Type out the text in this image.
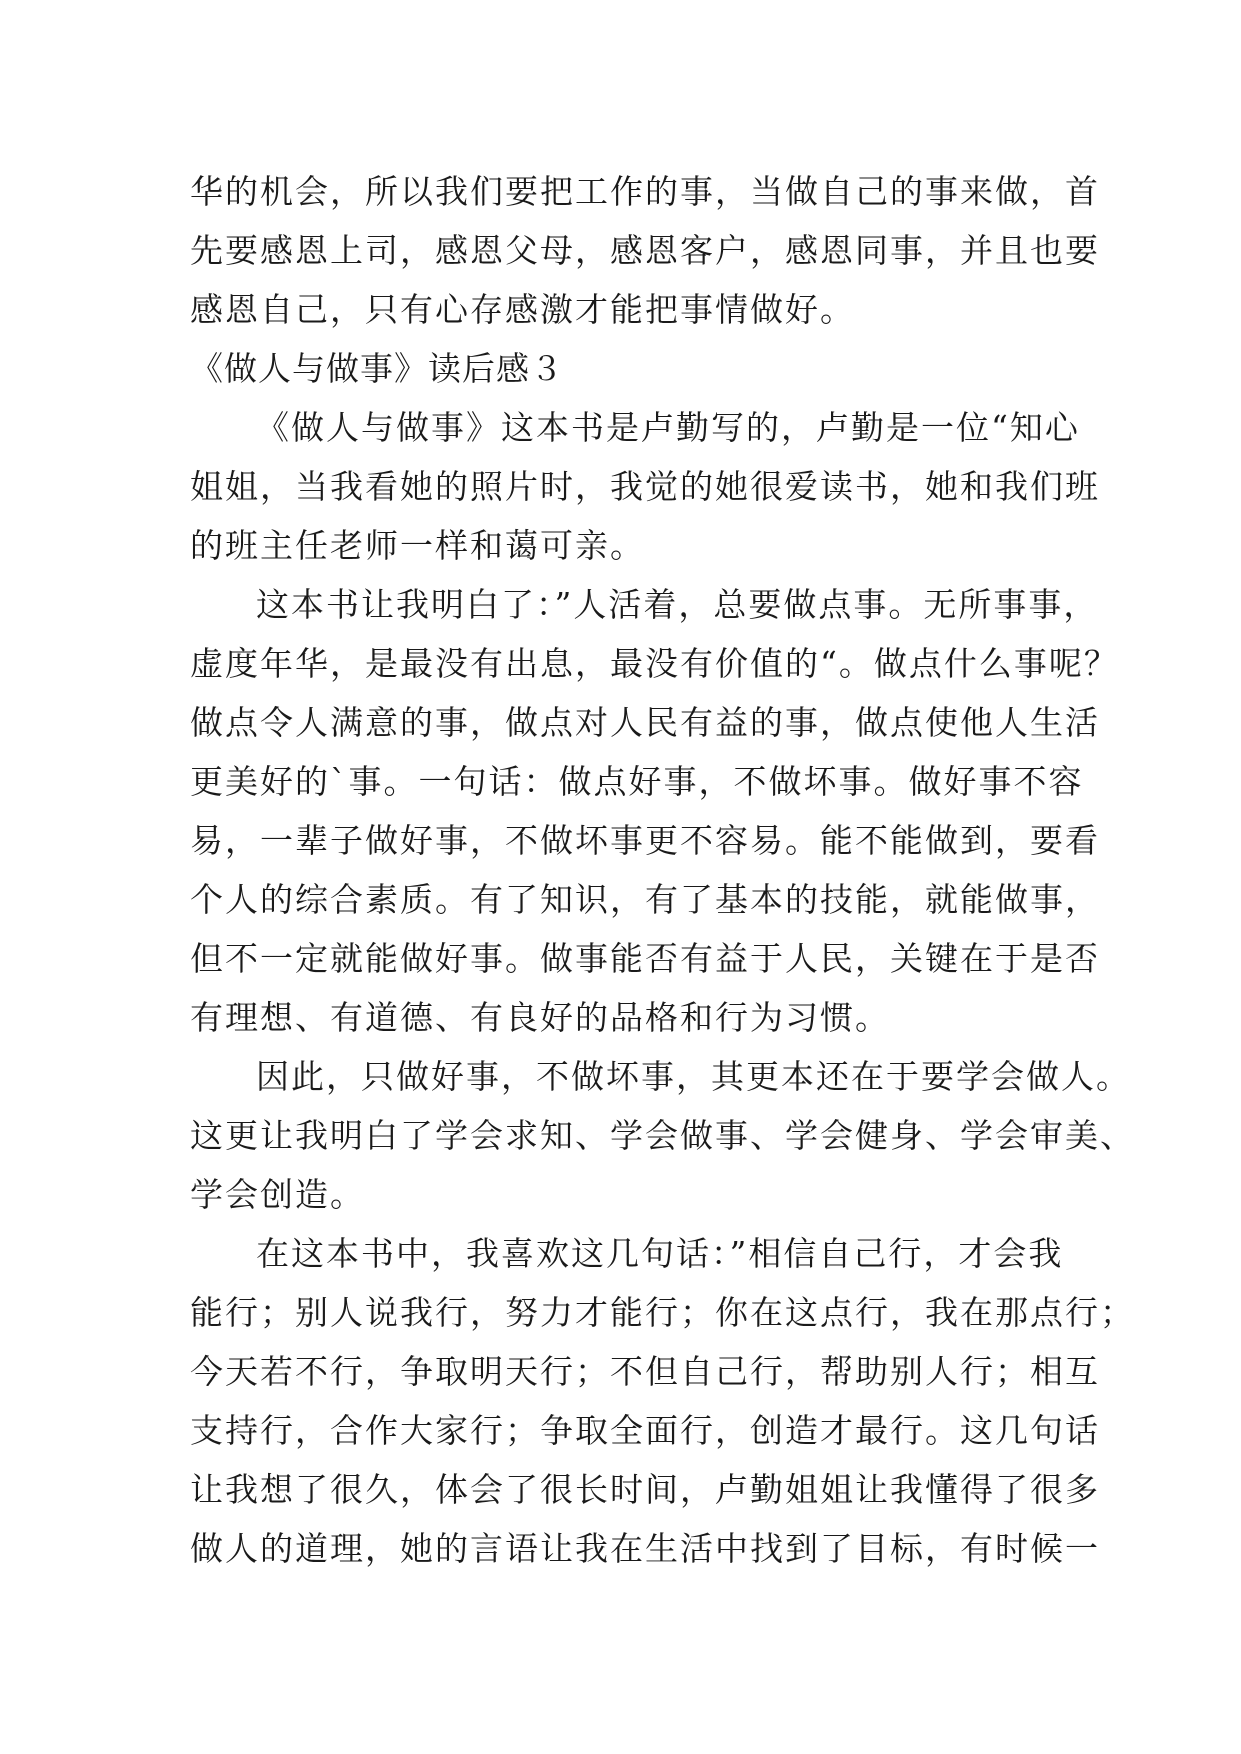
华的机会，所以我们要把工作的事，当做自己的事来做，首
先要感恩上司，感恩父母，感恩客户，感恩同事，并且也要
感恩自己，只有心存感激才能把事情做好。
《做人与做事》读后感３
《做人与做事》这本书是卢勤写的，卢勤是一位“知心
姐姐，当我看她的照片时，我觉的她很爱读书，她和我们班
的班主任老师一样和蔼可亲。
这本书让我明白了：”人活着，总要做点事。无所事事，
虚度年华，是最没有出息，最没有价值的“。做点什么事呢？
做点令人满意的事，做点对人民有益的事，做点使他人生活
更美好的`事。一句话：做点好事，不做坏事。做好事不容
易，一辈子做好事，不做坏事更不容易。能不能做到，要看
个人的综合素质。有了知识，有了基本的技能，就能做事，
但不一定就能做好事。做事能否有益于人民，关键在于是否
有理想、有道德、有良好的品格和行为习惯。
因此，只做好事，不做坏事，其更本还在于要学会做人。
这更让我明白了学会求知、学会做事、学会健身、学会审美、
学会创造。
在这本书中，我喜欢这几句话：”相信自己行，才会我
能行；别人说我行，努力才能行；你在这点行，我在那点行；
今天若不行，争取明天行；不但自己行，帮助别人行；相互
支持行，合作大家行；争取全面行，创造才最行。这几句话
让我想了很久，体会了很长时间，卢勤姐姐让我懂得了很多
做人的道理，她的言语让我在生活中找到了目标，有时候一
